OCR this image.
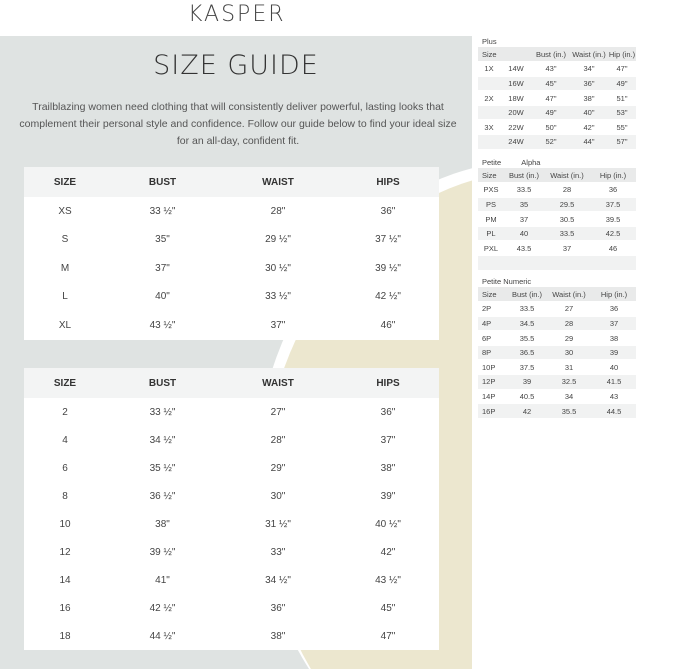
KASPER
SIZE GUIDE
Trailblazing women need clothing that will consistently deliver powerful, lasting looks that complement their personal style and confidence. Follow our guide below to find your ideal size for an all-day, confident fit.
SIZE	BUST	WAIST	HIPS
XS	33 ½"	28"	36"
S	35"	29 ½"	37 ½"
M	37"	30 ½"	39 ½"
L	40"	33 ½"	42 ½"
XL	43 ½"	37"	46"
SIZE	BUST	WAIST	HIPS
2	33 ½"	27"	36"
4	34 ½"	28"	37"
6	35 ½"	29"	38"
8	36 ½"	30"	39"
10	38"	31 ½"	40 ½"
12	39 ½"	33"	42"
14	41"	34 ½"	43 ½"
16	42 ½"	36"	45"
18	44 ½"	38"	47"
Plus
Size		Bust (in.)	Waist (in.)	Hip (in.)
1X	14W	43"	34"	47"
	16W	45"	36"	49"
2X	18W	47"	38"	51"
	20W	49"	40"	53"
3X	22W	50"	42"	55"
	24W	52"	44"	57"
Petite	Alpha
Size	Bust (in.)	Waist (in.)	Hip (in.)
PXS	33.5	28	36
PS	35	29.5	37.5
PM	37	30.5	39.5
PL	40	33.5	42.5
PXL	43.5	37	46

Petite Numeric
Size	Bust (in.)	Waist (in.)	Hip (in.)
2P	33.5	27	36
4P	34.5	28	37
6P	35.5	29	38
8P	36.5	30	39
10P	37.5	31	40
12P	39	32.5	41.5
14P	40.5	34	43
16P	42	35.5	44.5
